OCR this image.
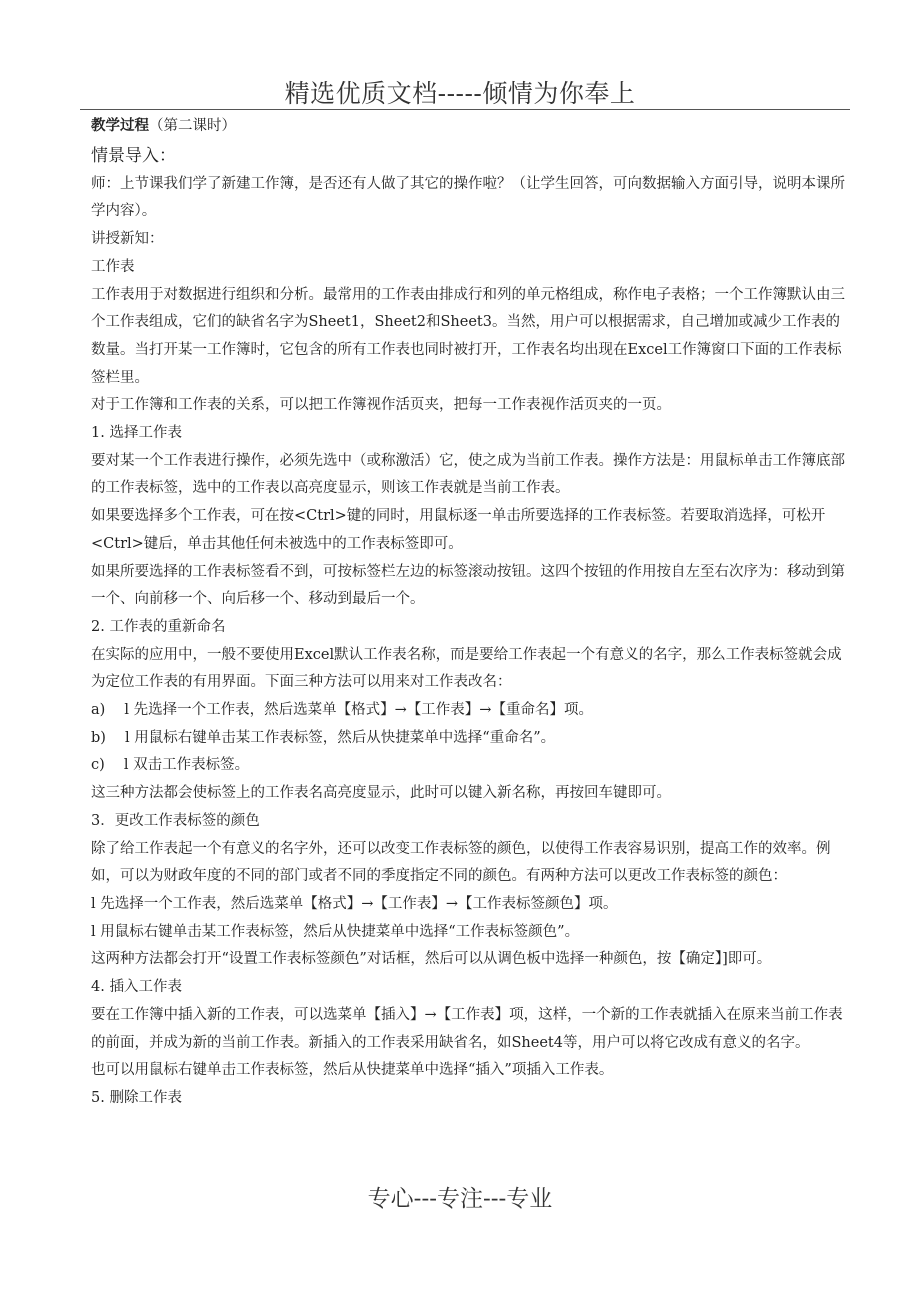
精选优质文档-----倾情为你奉上

教学过程（第二课时）

情景导入：

师：上节课我们学了新建工作簿，是否还有人做了其它的操作啦？（让学生回答，可向数据输入方面引导，说明本课所学内容）。

讲授新知：

工作表

工作表用于对数据进行组织和分析。最常用的工作表由排成行和列的单元格组成，称作电子表格；一个工作簿默认由三个工作表组成，它们的缺省名字为Sheet1，Sheet2和Sheet3。当然，用户可以根据需求，自己增加或减少工作表的数量。当打开某一工作簿时，它包含的所有工作表也同时被打开，工作表名均出现在Excel工作簿窗口下面的工作表标签栏里。

对于工作簿和工作表的关系，可以把工作簿视作活页夹，把每一工作表视作活页夹的一页。

1. 选择工作表

要对某一个工作表进行操作，必须先选中（或称激活）它，使之成为当前工作表。操作方法是：用鼠标单击工作簿底部的工作表标签，选中的工作表以高亮度显示，则该工作表就是当前工作表。

如果要选择多个工作表，可在按<Ctrl>键的同时，用鼠标逐一单击所要选择的工作表标签。若要取消选择，可松开<Ctrl>键后，单击其他任何未被选中的工作表标签即可。

如果所要选择的工作表标签看不到，可按标签栏左边的标签滚动按钮。这四个按钮的作用按自左至右次序为：移动到第一个、向前移一个、向后移一个、移动到最后一个。

2. 工作表的重新命名

在实际的应用中，一般不要使用Excel默认工作表名称，而是要给工作表起一个有意义的名字，那么工作表标签就会成为定位工作表的有用界面。下面三种方法可以用来对工作表改名：

a)　 l 先选择一个工作表，然后选菜单【格式】→【工作表】→【重命名】项。

b)　 l 用鼠标右键单击某工作表标签，然后从快捷菜单中选择“重命名”。

c)　 l 双击工作表标签。

这三种方法都会使标签上的工作表名高亮度显示，此时可以键入新名称，再按回车键即可。

3．更改工作表标签的颜色

除了给工作表起一个有意义的名字外，还可以改变工作表标签的颜色，以使得工作表容易识别，提高工作的效率。例如，可以为财政年度的不同的部门或者不同的季度指定不同的颜色。有两种方法可以更改工作表标签的颜色：

l 先选择一个工作表，然后选菜单【格式】→【工作表】→【工作表标签颜色】项。

l 用鼠标右键单击某工作表标签，然后从快捷菜单中选择“工作表标签颜色”。

这两种方法都会打开“设置工作表标签颜色”对话框，然后可以从调色板中选择一种颜色，按【确定】]即可。

4. 插入工作表

要在工作簿中插入新的工作表，可以选菜单【插入】→【工作表】项，这样，一个新的工作表就插入在原来当前工作表的前面，并成为新的当前工作表。新插入的工作表采用缺省名，如Sheet4等，用户可以将它改成有意义的名字。

也可以用鼠标右键单击工作表标签，然后从快捷菜单中选择“插入”项插入工作表。

5. 删除工作表

专心---专注---专业
